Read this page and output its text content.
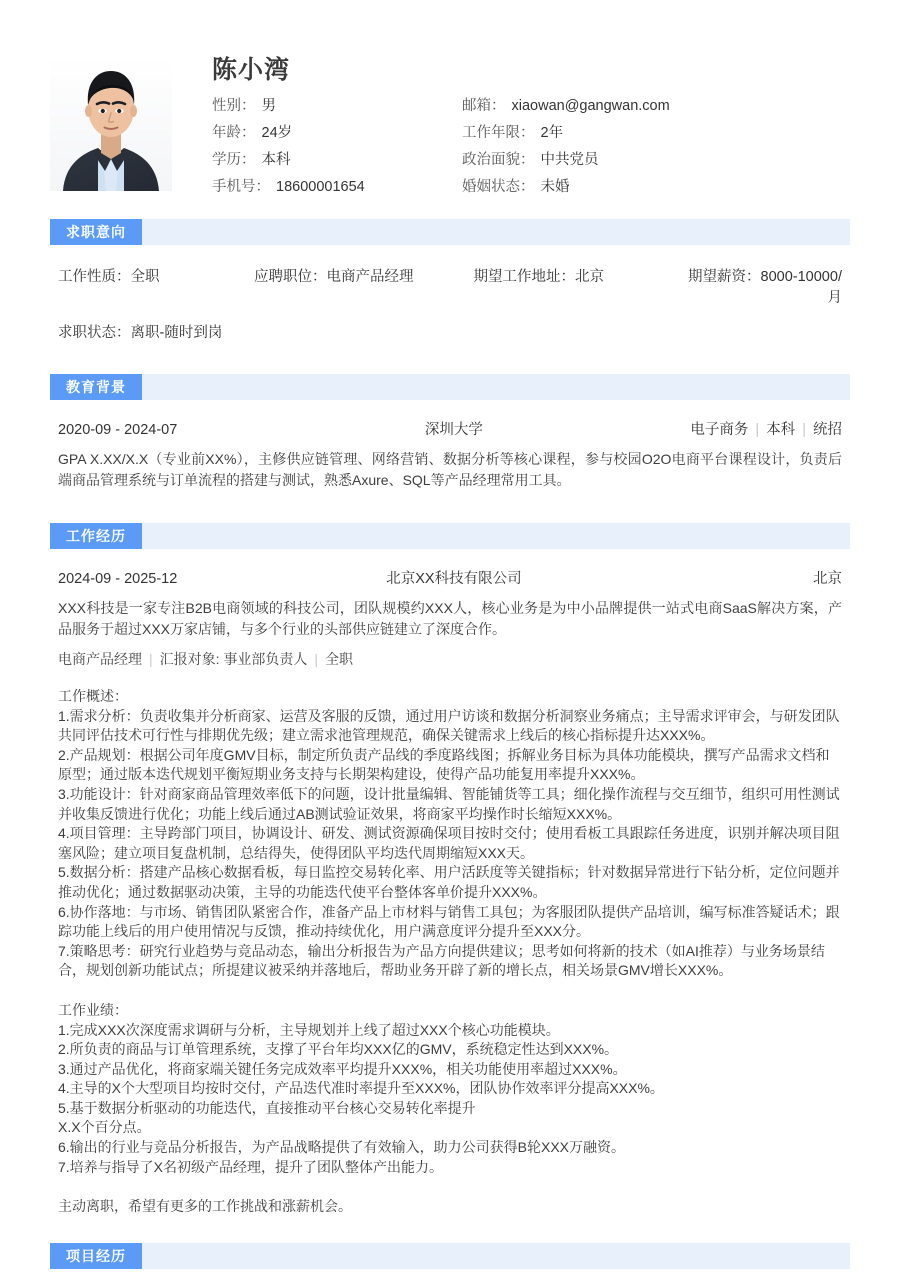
陈小湾
性别： 男	邮箱： xiaowan@gangwan.com
年龄： 24岁	工作年限： 2年
学历： 本科	政治面貌： 中共党员
手机号： 18600001654	婚姻状态： 未婚
求职意向
工作性质：全职	应聘职位：电商产品经理	期望工作地址：北京	期望薪资：8000-10000/月
求职状态：离职-随时到岗
教育背景
2020-09 - 2024-07	深圳大学	电子商务 | 本科 | 统招
GPA X.XX/X.X（专业前XX%），主修供应链管理、网络营销、数据分析等核心课程，参与校园O2O电商平台课程设计，负责后端商品管理系统与订单流程的搭建与测试，熟悉Axure、SQL等产品经理常用工具。
工作经历
2024-09 - 2025-12	北京XX科技有限公司	北京
XXX科技是一家专注B2B电商领域的科技公司，团队规模约XXX人，核心业务是为中小品牌提供一站式电商SaaS解决方案，产品服务于超过XXX万家店铺，与多个行业的头部供应链建立了深度合作。
电商产品经理 | 汇报对象: 事业部负责人 | 全职
工作概述：
1.需求分析：负责收集并分析商家、运营及客服的反馈，通过用户访谈和数据分析洞察业务痛点；主导需求评审会，与研发团队共同评估技术可行性与排期优先级；建立需求池管理规范，确保关键需求上线后的核心指标提升达XXX%。
2.产品规划：根据公司年度GMV目标，制定所负责产品线的季度路线图；拆解业务目标为具体功能模块，撰写产品需求文档和原型；通过版本迭代规划平衡短期业务支持与长期架构建设，使得产品功能复用率提升XXX%。
3.功能设计：针对商家商品管理效率低下的问题，设计批量编辑、智能铺货等工具；细化操作流程与交互细节，组织可用性测试并收集反馈进行优化；功能上线后通过AB测试验证效果，将商家平均操作时长缩短XXX%。
4.项目管理：主导跨部门项目，协调设计、研发、测试资源确保项目按时交付；使用看板工具跟踪任务进度，识别并解决项目阻塞风险；建立项目复盘机制，总结得失，使得团队平均迭代周期缩短XXX天。
5.数据分析：搭建产品核心数据看板，每日监控交易转化率、用户活跃度等关键指标；针对数据异常进行下钻分析，定位问题并推动优化；通过数据驱动决策，主导的功能迭代使平台整体客单价提升XXX%。
6.协作落地：与市场、销售团队紧密合作，准备产品上市材料与销售工具包；为客服团队提供产品培训，编写标准答疑话术；跟踪功能上线后的用户使用情况与反馈，推动持续优化，用户满意度评分提升至XXX分。
7.策略思考：研究行业趋势与竞品动态，输出分析报告为产品方向提供建议；思考如何将新的技术（如AI推荐）与业务场景结合，规划创新功能试点；所提建议被采纳并落地后，帮助业务开辟了新的增长点，相关场景GMV增长XXX%。
工作业绩：
1.完成XXX次深度需求调研与分析，主导规划并上线了超过XXX个核心功能模块。
2.所负责的商品与订单管理系统，支撑了平台年均XXX亿的GMV，系统稳定性达到XXX%。
3.通过产品优化，将商家端关键任务完成效率平均提升XXX%，相关功能使用率超过XXX%。
4.主导的X个大型项目均按时交付，产品迭代准时率提升至XXX%，团队协作效率评分提高XXX%。
5.基于数据分析驱动的功能迭代，直接推动平台核心交易转化率提升
X.X个百分点。
6.输出的行业与竞品分析报告，为产品战略提供了有效输入，助力公司获得B轮XXX万融资。
7.培养与指导了X名初级产品经理，提升了团队整体产出能力。
主动离职，希望有更多的工作挑战和涨薪机会。
项目经历
